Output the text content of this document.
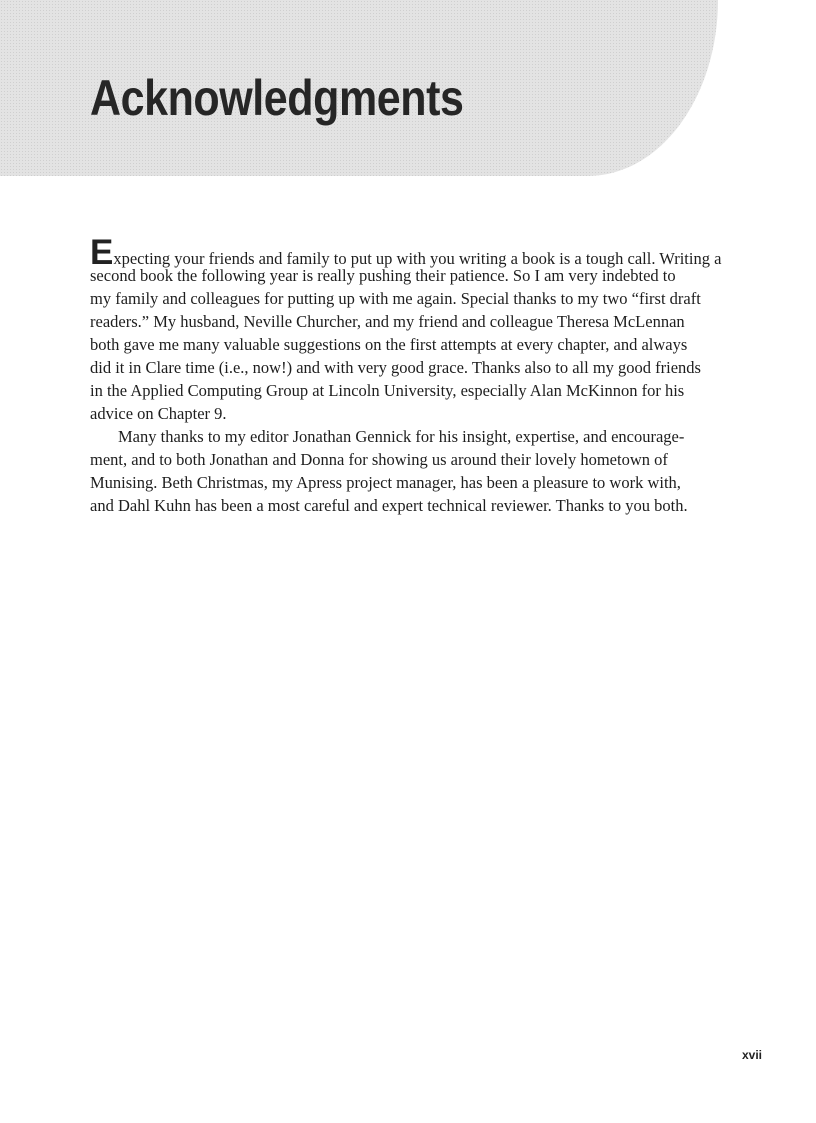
Acknowledgments
Expecting your friends and family to put up with you writing a book is a tough call. Writing a
second book the following year is really pushing their patience. So I am very indebted to
my family and colleagues for putting up with me again. Special thanks to my two “first draft
readers.” My husband, Neville Churcher, and my friend and colleague Theresa McLennan
both gave me many valuable suggestions on the first attempts at every chapter, and always
did it in Clare time (i.e., now!) and with very good grace. Thanks also to all my good friends
in the Applied Computing Group at Lincoln University, especially Alan McKinnon for his
advice on Chapter 9.
Many thanks to my editor Jonathan Gennick for his insight, expertise, and encourage-
ment, and to both Jonathan and Donna for showing us around their lovely hometown of
Munising. Beth Christmas, my Apress project manager, has been a pleasure to work with,
and Dahl Kuhn has been a most careful and expert technical reviewer. Thanks to you both.
xvii
